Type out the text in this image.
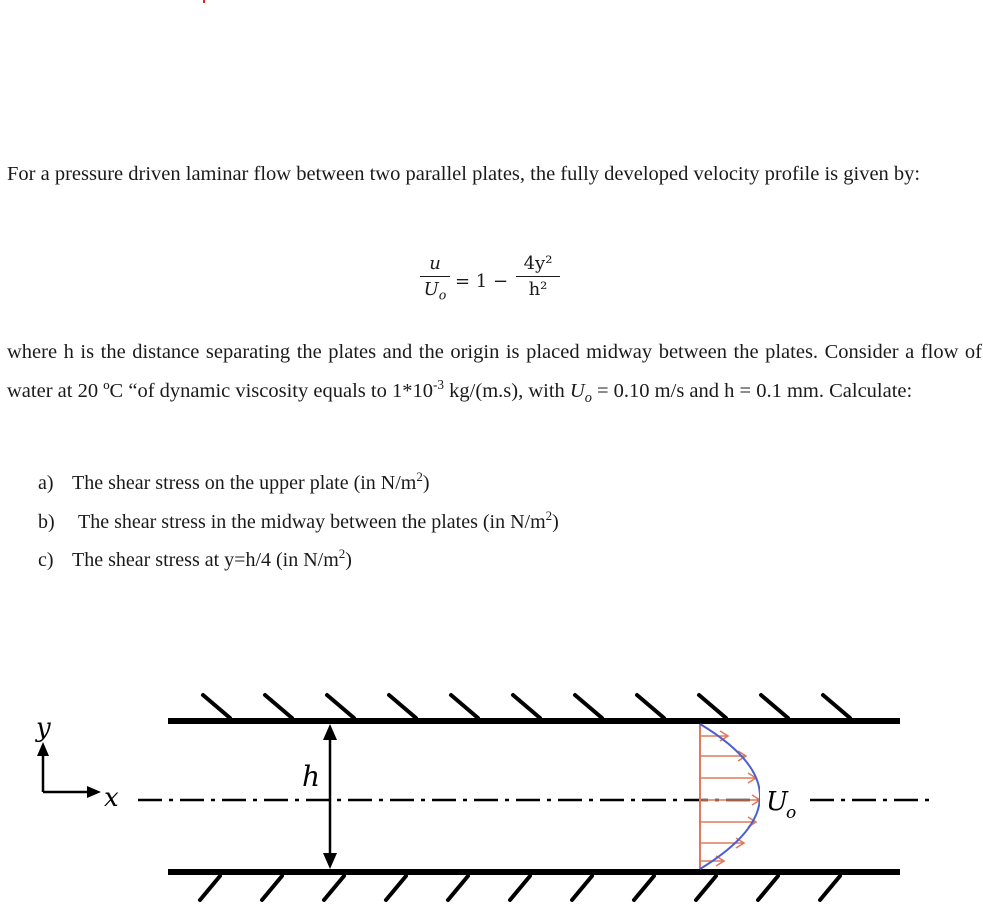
For a pressure driven laminar flow between two parallel plates, the fully developed velocity profile is given by:

u
$U_o$
= 1 −
4y²
h²

where h is the distance separating the plates and the origin is placed midway between the plates. Consider a flow of water at 20 ºC “of dynamic viscosity equals to $1*10^{-3}$ kg/(m.s), with $U_o = 0.10$ m/s and h = 0.1 mm. Calculate:

a) The shear stress on the upper plate (in $N/m^2$)
b) The shear stress in the midway between the plates (in $N/m^2$)
c) The shear stress at y=h/4 (in $N/m^2$)
y
x
h
U
o
